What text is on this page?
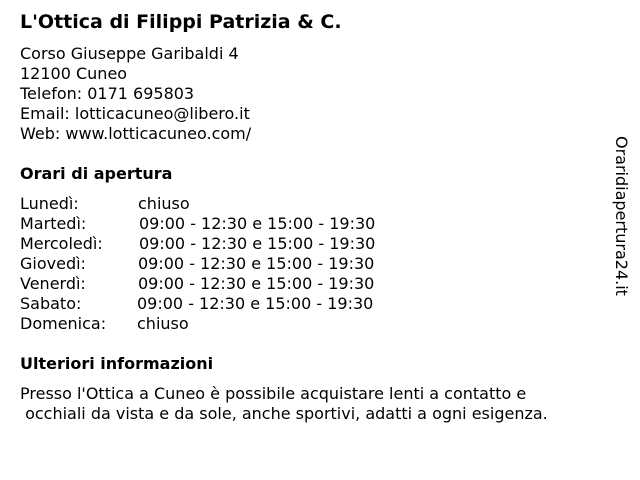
L'Ottica di Filippi Patrizia & C.
Corso Giuseppe Garibaldi 4
12100 Cuneo
Telefon: 0171 695803
Email: lotticacuneo@libero.it
Web: www.lotticacuneo.com/
Orari di apertura
Lunedì:	chiuso
Martedì:	09:00 - 12:30 e 15:00 - 19:30
Mercoledì: 09:00 - 12:30 e 15:00 - 19:30
Giovedì:	09:00 - 12:30 e 15:00 - 19:30
Venerdì:	09:00 - 12:30 e 15:00 - 19:30
Sabato:	09:00 - 12:30 e 15:00 - 19:30
Domenica: chiuso
Ulteriori informazioni
Presso l'Ottica a Cuneo è possibile acquistare lenti a contatto e
occhiali da vista e da sole, anche sportivi, adatti a ogni esigenza.
Oraridiapertura24.it
